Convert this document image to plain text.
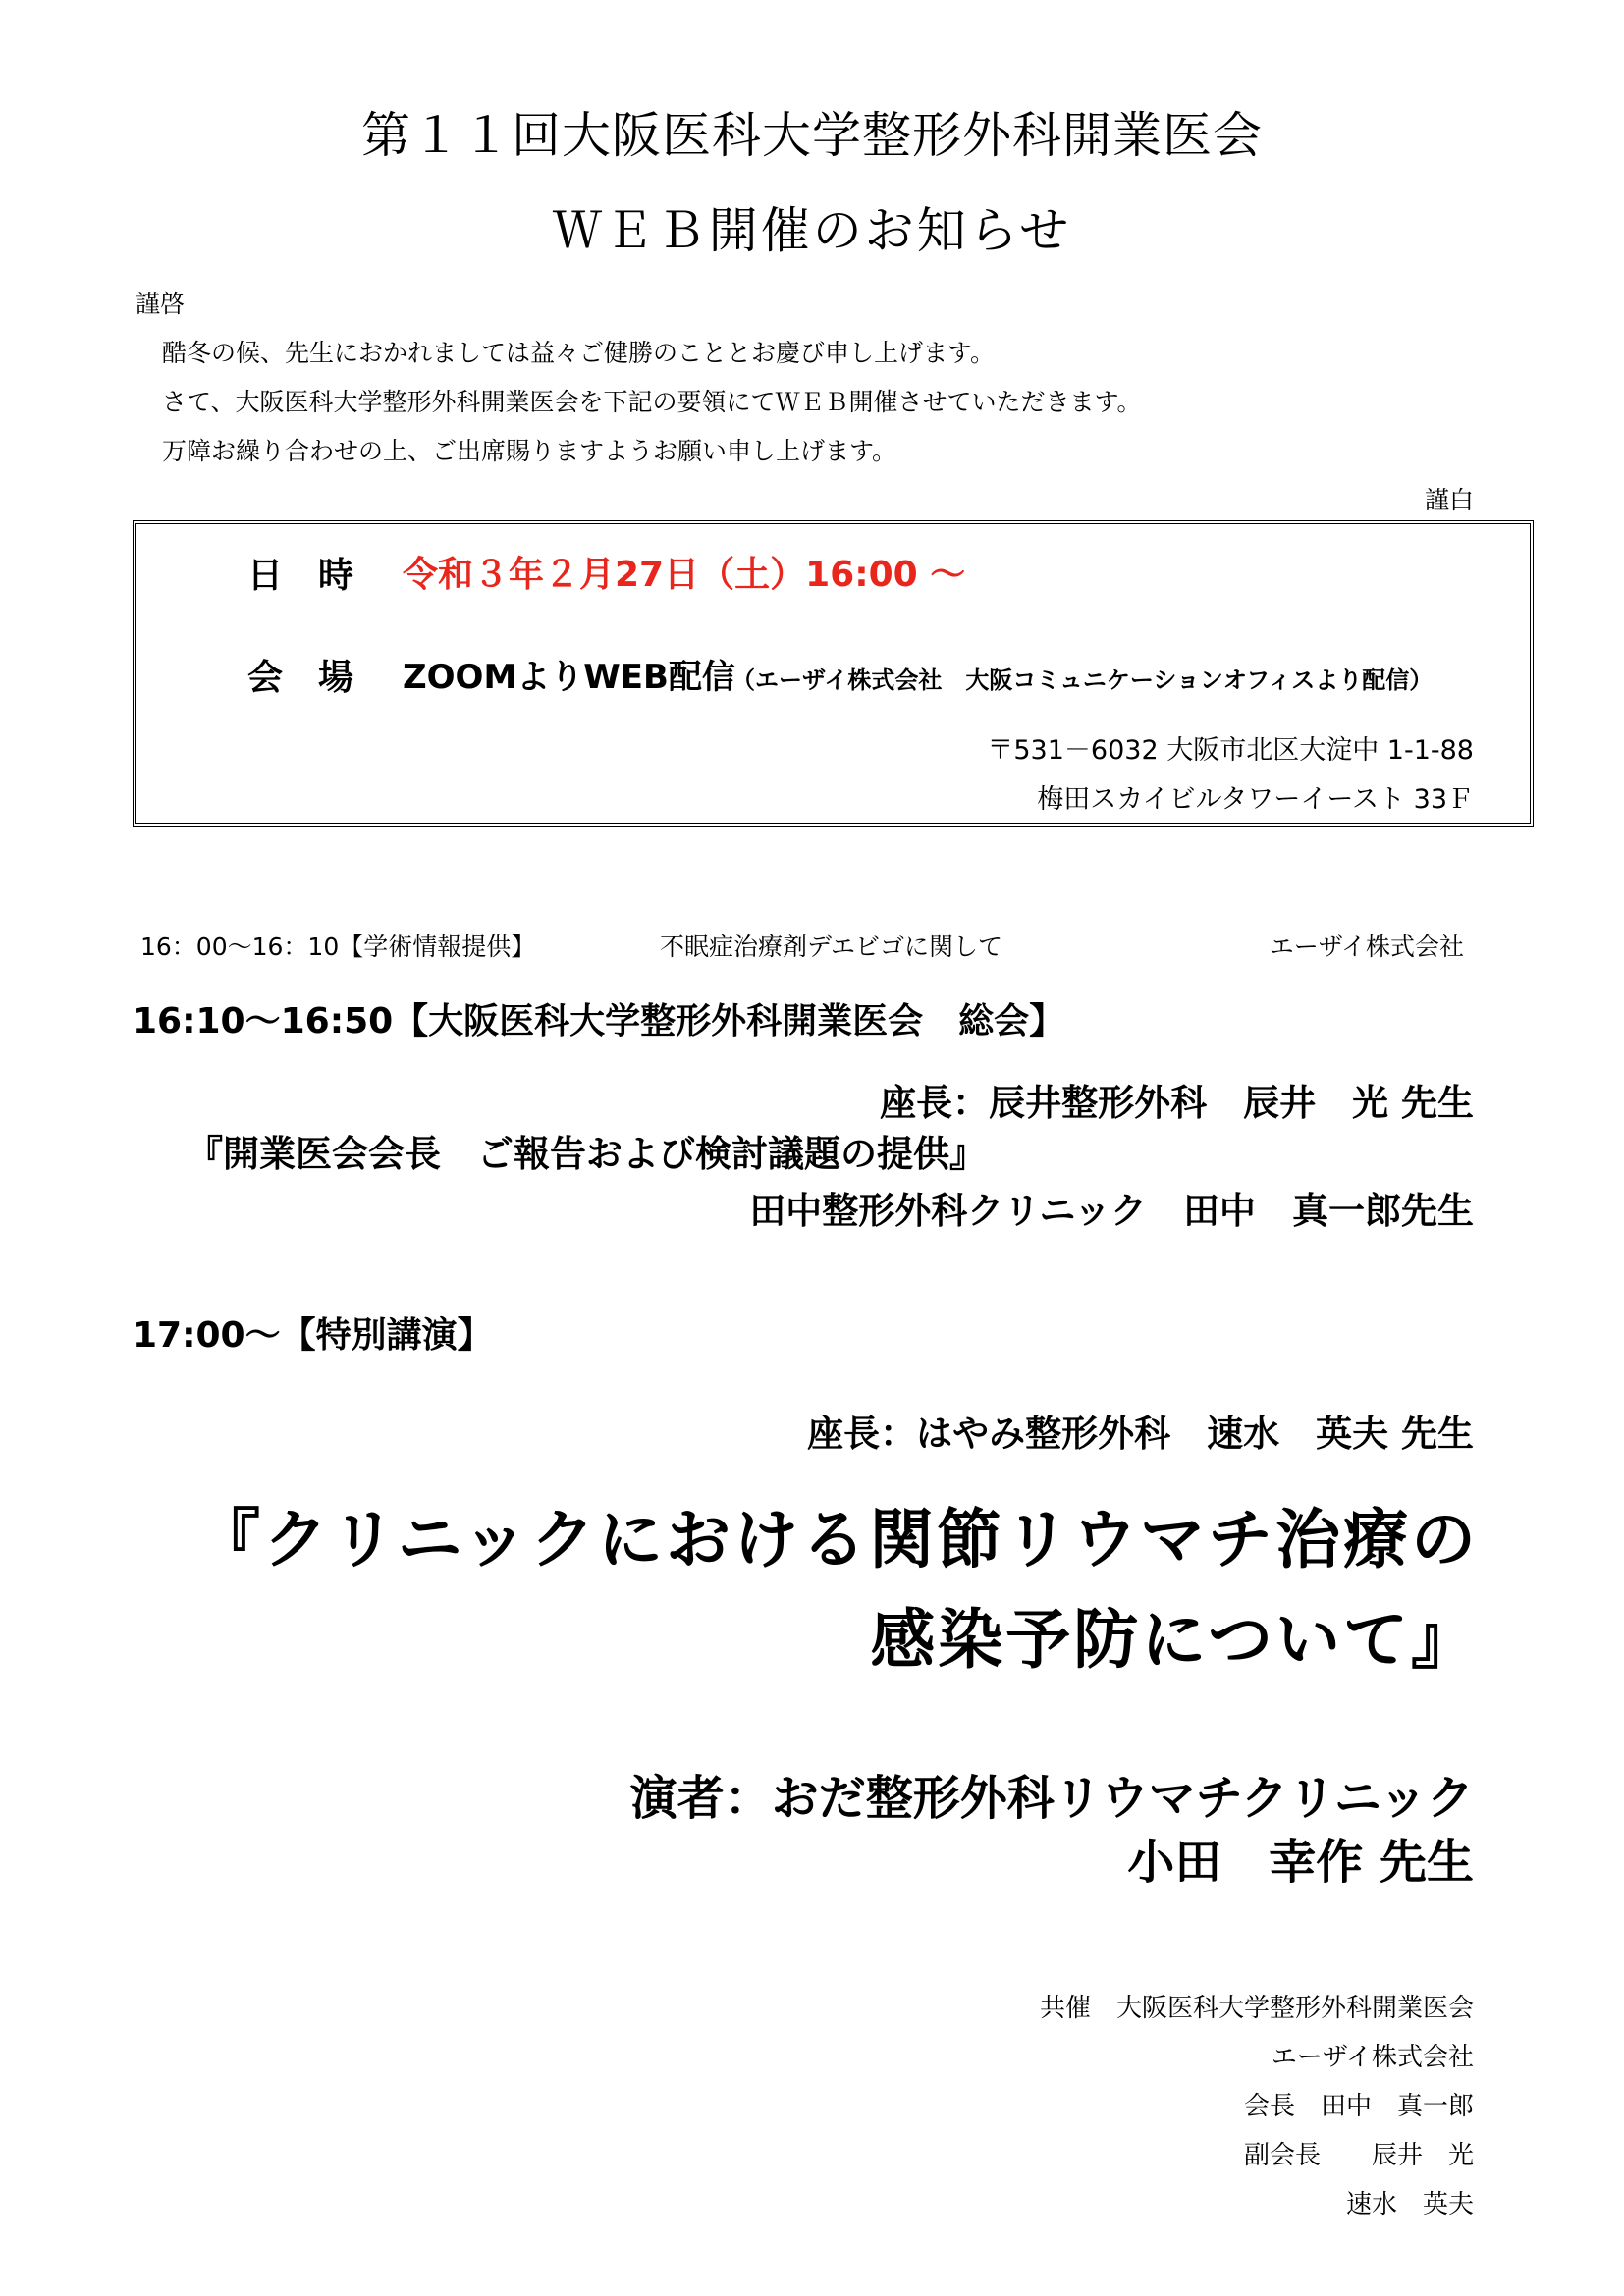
第１１回大阪医科大学整形外科開業医会
ＷＥＢ開催のお知らせ
謹啓
酷冬の候、先生におかれましては益々ご健勝のこととお慶び申し上げます。
さて、大阪医科大学整形外科開業医会を下記の要領にてＷＥＢ開催させていただきます。
万障お繰り合わせの上、ご出席賜りますようお願い申し上げます。
謹白
日　時 令和３年２月27日（土）16:00 ～
会　場 ZOOMよりWEB配信
（エーザイ株式会社　大阪コミュニケーションオフィスより配信）
〒531－6032 大阪市北区大淀中 1-1-88
梅田スカイビルタワーイースト 33Ｆ
16：00～16：10【学術情報提供】	不眠症治療剤デエビゴに関して	エーザイ株式会社
16:10～16:50【大阪医科大学整形外科開業医会　総会】
座長：辰井整形外科　辰井　光 先生
『開業医会会長　ご報告および検討議題の提供』
田中整形外科クリニック　田中　真一郎先生
17:00～【特別講演】
座長：はやみ整形外科　速水　英夫 先生
『クリニックにおける関節リウマチ治療の
感染予防について』
演者：おだ整形外科リウマチクリニック
小田　幸作 先生
共催　大阪医科大学整形外科開業医会
エーザイ株式会社
会長　田中　真一郎
副会長　　辰井　光
速水　英夫
